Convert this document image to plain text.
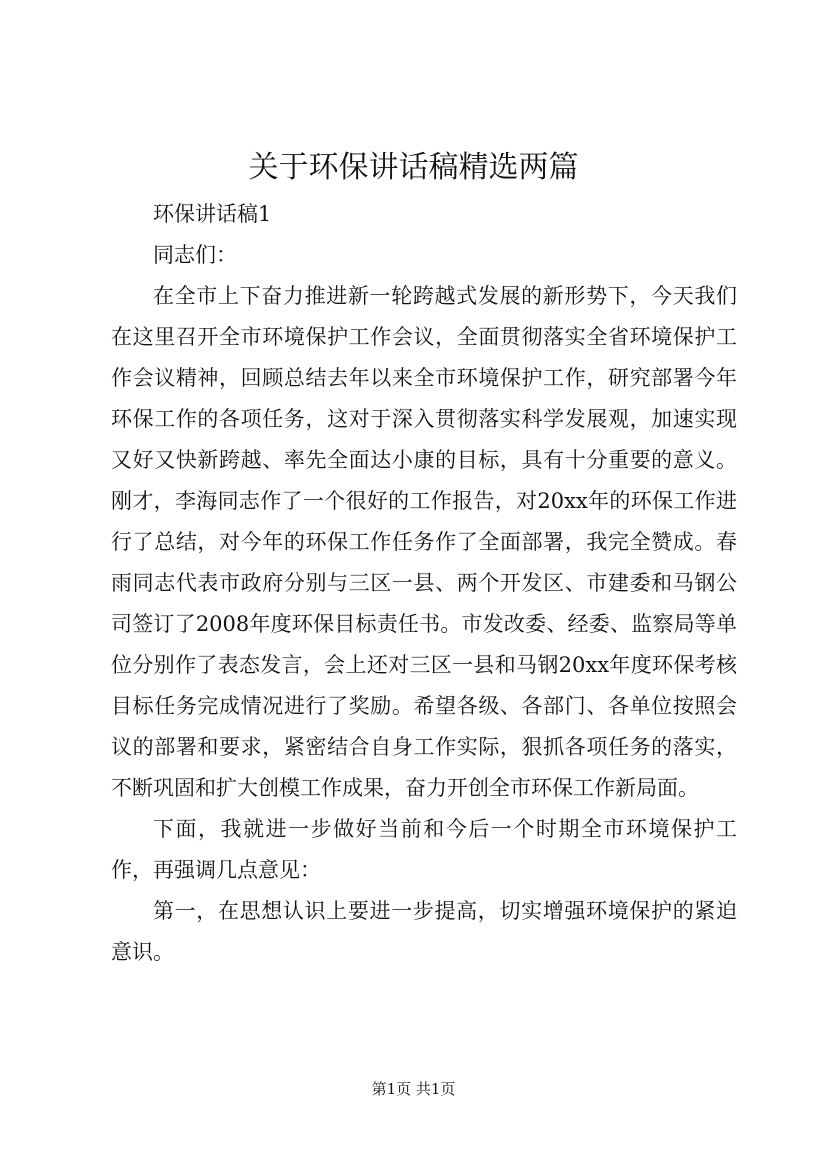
关于环保讲话稿精选两篇

环保讲话稿1

同志们：

在全市上下奋力推进新一轮跨越式发展的新形势下，今天我们在这里召开全市环境保护工作会议，全面贯彻落实全省环境保护工作会议精神，回顾总结去年以来全市环境保护工作，研究部署今年环保工作的各项任务，这对于深入贯彻落实科学发展观，加速实现又好又快新跨越、率先全面达小康的目标，具有十分重要的意义。刚才，李海同志作了一个很好的工作报告，对20xx年的环保工作进行了总结，对今年的环保工作任务作了全面部署，我完全赞成。春雨同志代表市政府分别与三区一县、两个开发区、市建委和马钢公司签订了2008年度环保目标责任书。市发改委、经委、监察局等单位分别作了表态发言，会上还对三区一县和马钢20xx年度环保考核目标任务完成情况进行了奖励。希望各级、各部门、各单位按照会议的部署和要求，紧密结合自身工作实际，狠抓各项任务的落实，不断巩固和扩大创模工作成果，奋力开创全市环保工作新局面。

下面，我就进一步做好当前和今后一个时期全市环境保护工作，再强调几点意见：

第一，在思想认识上要进一步提高，切实增强环境保护的紧迫意识。

第1页 共1页
